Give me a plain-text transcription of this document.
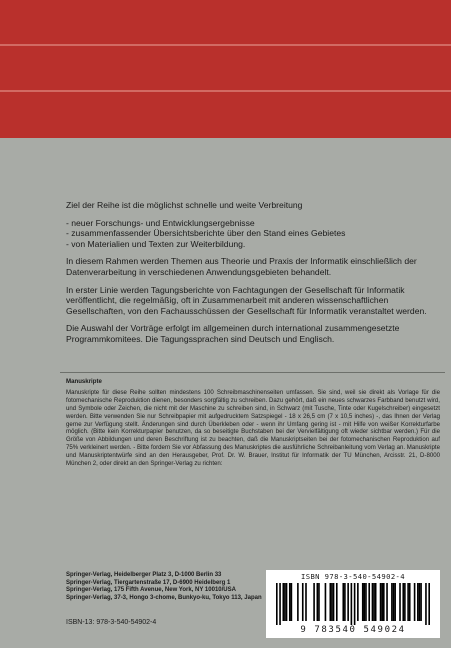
Ziel der Reihe ist die möglichst schnelle und weite Verbreitung

- neuer Forschungs- und Entwicklungsergebnisse
- zusammenfassender Übersichtsberichte über den Stand eines Gebietes
- von Materialien und Texten zur Weiterbildung.

In diesem Rahmen werden Themen aus Theorie und Praxis der Informatik einschließlich der Datenverarbeitung in verschiedenen Anwendungsgebieten behandelt.

In erster Linie werden Tagungsberichte von Fachtagungen der Gesellschaft für Informatik veröffentlicht, die regelmäßig, oft in Zusammenarbeit mit anderen wissenschaftlichen Gesellschaften, von den Fachausschüssen der Gesellschaft für Informatik veranstaltet werden.

Die Auswahl der Vorträge erfolgt im allgemeinen durch international zusammengesetzte Programmkomitees. Die Tagungssprachen sind Deutsch und Englisch.

Manuskripte

Manuskripte für diese Reihe sollten mindestens 100 Schreibmaschinenseiten umfassen. Sie sind, weil sie direkt als Vorlage für die fotomechanische Reproduktion dienen, besonders sorgfältig zu schreiben. Dazu gehört, daß ein neues schwarzes Farbband benutzt wird, und Symbole oder Zeichen, die nicht mit der Maschine zu schreiben sind, in Schwarz (mit Tusche, Tinte oder Kugelschreiber) eingesetzt werden. Bitte verwenden Sie nur Schreibpapier mit aufgedrucktem Satzspiegel - 18 x 26,5 cm (7 x 10,5 inches) -, das Ihnen der Verlag gerne zur Verfügung stellt. Änderungen sind durch Überkleben oder - wenn ihr Umfang gering ist - mit Hilfe von weißer Korrekturfarbe möglich. (Bitte kein Korrekturpapier benutzen, da so beseitigte Buchstaben bei der Vervielfältigung oft wieder sichtbar werden.) Für die Größe von Abbildungen und deren Beschriftung ist zu beachten, daß die Manuskriptseiten bei der fotomechanischen Reproduktion auf 75% verkleinert werden. - Bitte fordern Sie vor Abfassung des Manuskriptes die ausführliche Schreibanleitung vom Verlag an. Manuskripte und Manuskriptentwürfe sind an den Herausgeber, Prof. Dr. W. Brauer, Institut für Informatik der TU München, Arcisstr. 21, D-8000 München 2, oder direkt an den Springer-Verlag zu richten:

Springer-Verlag, Heidelberger Platz 3, D-1000 Berlin 33
Springer-Verlag, Tiergartenstraße 17, D-6900 Heidelberg 1
Springer-Verlag, 175 Fifth Avenue, New York, NY 10010/USA
Springer-Verlag, 37-3, Hongo 3-chome, Bunkyo-ku, Tokyo 113, Japan
ISBN-13: 978-3-540-54902-4
ISBN 978-3-540-54902-4
9 783540 549024
